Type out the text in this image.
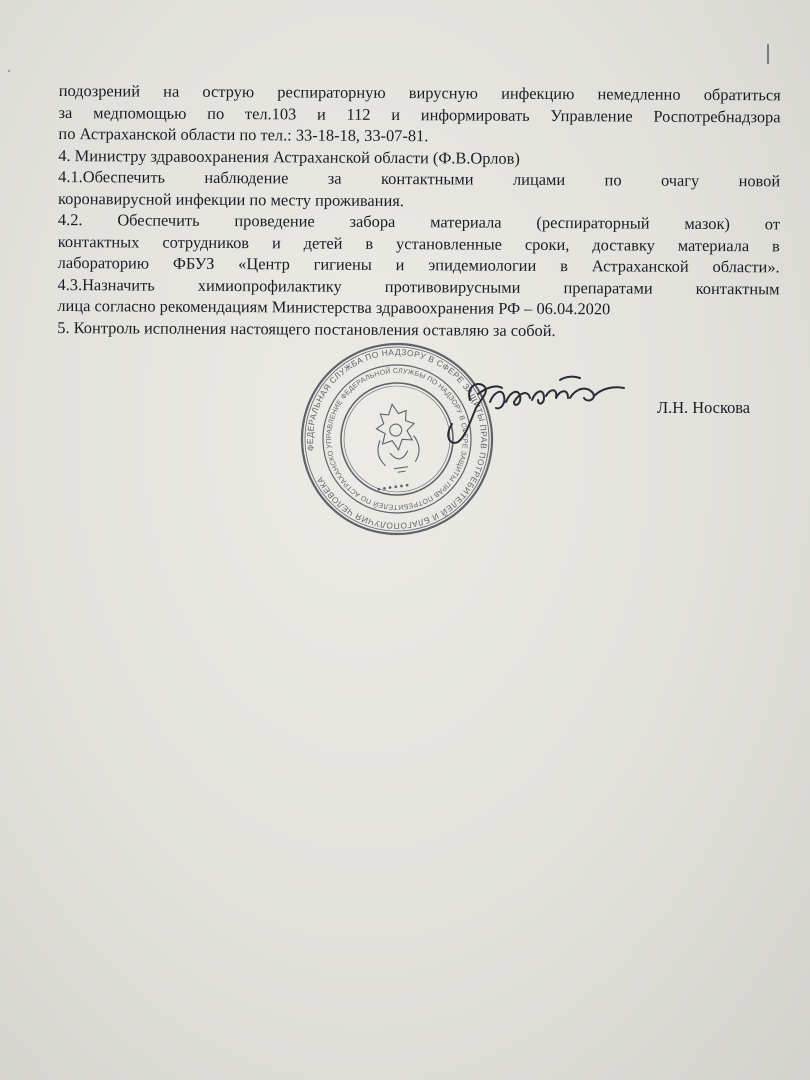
подозрений на острую респираторную вирусную инфекцию немедленно обратиться
за медпомощью по тел.103 и 112 и информировать Управление Роспотребнадзора
по Астраханской области по тел.: 33-18-18, 33-07-81.
4. Министру здравоохранения Астраханской области (Ф.В.Орлов)
4.1.Обеспечить наблюдение за контактными лицами по очагу новой
коронавирусной инфекции по месту проживания.
4.2. Обеспечить проведение забора материала (респираторный мазок) от
контактных сотрудников и детей в установленные сроки, доставку материала в
лабораторию ФБУЗ «Центр гигиены и эпидемиологии в Астраханской области».
4.3.Назначить химиопрофилактику противовирусными препаратами контактным
лица согласно рекомендациям Министерства здравоохранения РФ – 06.04.2020
5. Контроль исполнения настоящего постановления оставляю за собой.
ФЕДЕРАЛЬНАЯ СЛУЖБА ПО НАДЗОРУ В СФЕРЕ ЗАЩИТЫ ПРАВ ПОТРЕБИТЕЛЕЙ И БЛАГОПОЛУЧИЯ ЧЕЛОВЕКА
УПРАВЛЕНИЕ ФЕДЕРАЛЬНОЙ СЛУЖБЫ ПО НАДЗОРУ В СФЕРЕ ЗАЩИТЫ ПРАВ ПОТРЕБИТЕЛЕЙ ПО АСТРАХАНСКОЙ
● ● ● ● ● ●
Л.Н. Носкова
